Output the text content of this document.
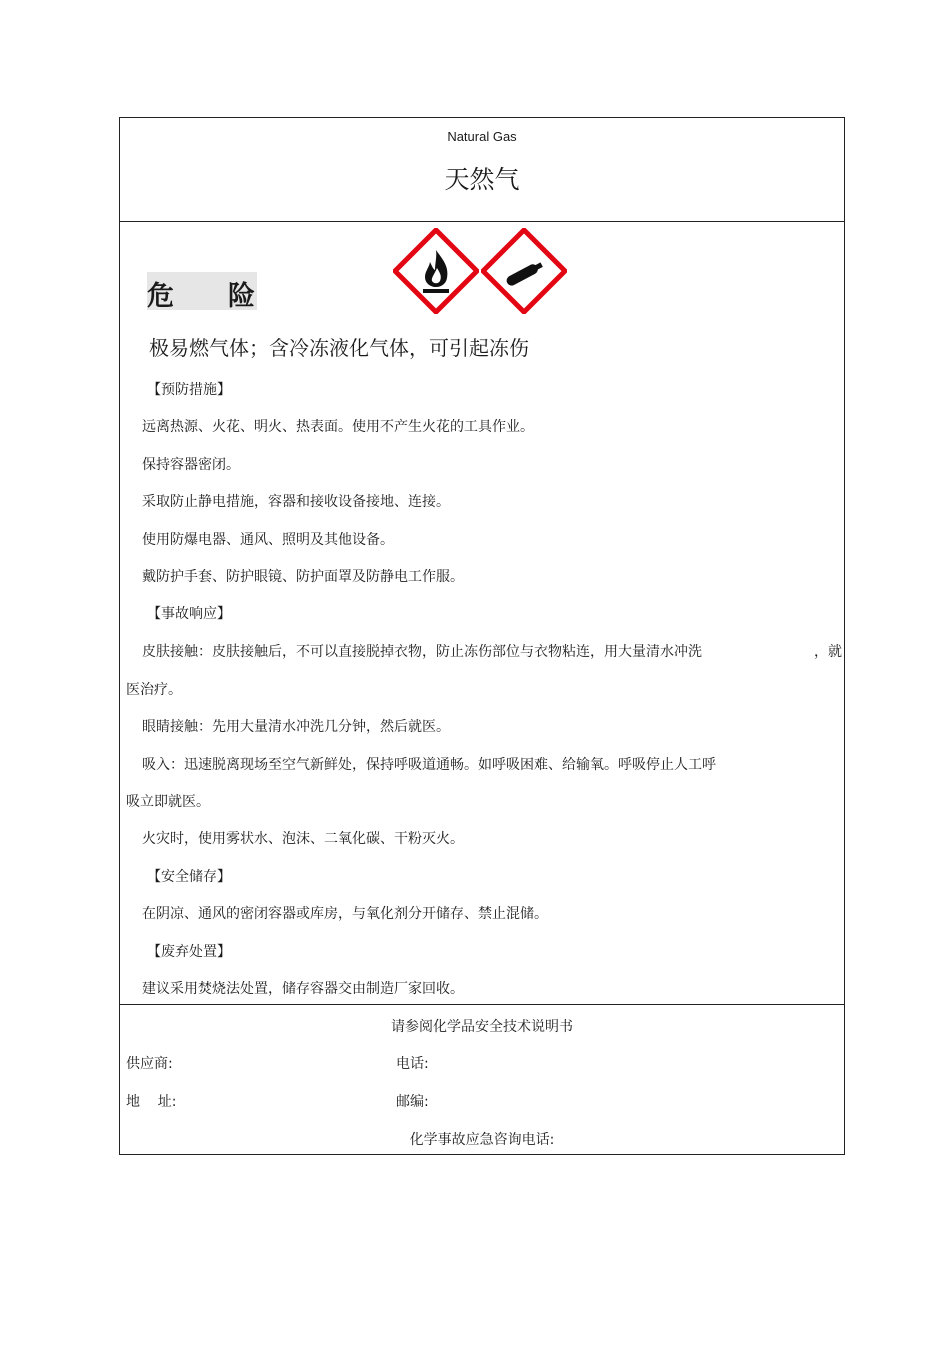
Natural Gas
天然气
危 险
极易燃气体；含冷冻液化气体，可引起冻伤
【预防措施】
远离热源、火花、明火、热表面。使用不产生火花的工具作业。
保持容器密闭。
采取防止静电措施，容器和接收设备接地、连接。
使用防爆电器、通风、照明及其他设备。
戴防护手套、防护眼镜、防护面罩及防静电工作服。
【事故响应】
皮肤接触：皮肤接触后，不可以直接脱掉衣物，防止冻伤部位与衣物粘连，用大量清水冲洗	，就
医治疗。
眼睛接触：先用大量清水冲洗几分钟，然后就医。
吸入：迅速脱离现场至空气新鲜处，保持呼吸道通畅。如呼吸困难、给输氧。呼吸停止人工呼
吸立即就医。
火灾时，使用雾状水、泡沫、二氧化碳、干粉灭火。
【安全储存】
在阴凉、通风的密闭容器或库房，与氧化剂分开储存、禁止混储。
【废弃处置】
建议采用焚烧法处置，储存容器交由制造厂家回收。
请参阅化学品安全技术说明书
供应商:	电话:
地    址:	邮编:
化学事故应急咨询电话:
